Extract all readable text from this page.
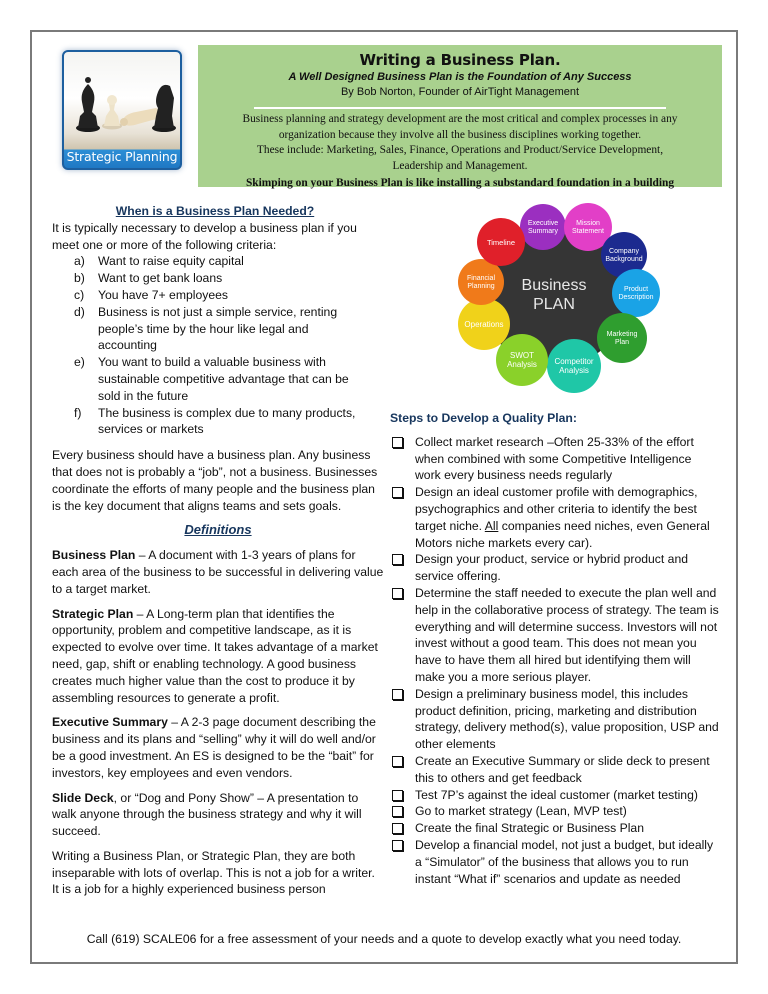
Strategic Planning
Writing a Business Plan.
A Well Designed Business Plan is the Foundation of Any Success
By Bob Norton, Founder of AirTight Management
Business planning and strategy development are the most critical and complex processes in any
organization because they involve all the business disciplines working together.
These include: Marketing, Sales, Finance, Operations and Product/Service Development,
Leadership and Management.
Skimping on your Business Plan is like installing a substandard foundation in a building
When is a Business Plan Needed?
It is typically necessary to develop a business plan if you meet one or more of the following criteria:
a)	Want to raise equity capital
b)	Want to get bank loans
c)	You have 7+ employees
d)	Business is not just a simple service, renting people’s time by the hour like legal and accounting
e)	You want to build a valuable business with sustainable competitive advantage that can be sold in the future
f)	The business is complex due to many products, services or markets
Every business should have a business plan. Any business that does not is probably a “job”, not a business. Businesses coordinate the efforts of many people and the business plan is the key document that aligns teams and sets goals.
Definitions
Business Plan – A document with 1-3 years of plans for each area of the business to be successful in delivering value to a target market.
Strategic Plan – A Long-term plan that identifies the opportunity, problem and competitive landscape, as it is expected to evolve over time. It takes advantage of a market need, gap, shift or enabling technology. A good business creates much higher value than the cost to produce it by assembling resources to generate a profit.
Executive Summary – A 2-3 page document describing the business and its plans and “selling” why it will do well and/or be a good investment. An ES is designed to be the “bait” for investors, key employees and even vendors.
Slide Deck, or “Dog and Pony Show” – A presentation to walk anyone through the business strategy and why it will succeed.
Writing a Business Plan, or Strategic Plan, they are both inseparable with lots of overlap. This is not a job for a writer. It is a job for a highly experienced business person
Executive
Summary
Mission
Statement
Company
Background
Product
Description
Marketing
Plan
Competitor
Analysis
SWOT
Analysis
Operations
Financial
Planning
Timeline
Business
PLAN
Steps to Develop a Quality Plan:
Collect market research –Often 25-33% of the effort when combined with some Competitive Intelligence work every business needs regularly
Design an ideal customer profile with demographics, psychographics and other criteria to identify the best target niche. All companies need niches, even General Motors niche markets every car).
Design your product, service or hybrid product and service offering.
Determine the staff needed to execute the plan well and help in the collaborative process of strategy. The team is everything and will determine success. Investors will not invest without a good team. This does not mean you have to have them all hired but identifying them will make you a more serious player.
Design a preliminary business model, this includes product definition, pricing, marketing and distribution strategy, delivery method(s), value proposition, USP and other elements
Create an Executive Summary or slide deck to present this to others and get feedback
Test 7P’s against the ideal customer (market testing)
Go to market strategy (Lean, MVP test)
Create the final Strategic or Business Plan
Develop a financial model, not just a budget, but ideally a “Simulator” of the business that allows you to run instant “What if” scenarios and update as needed
Call (619) SCALE06 for a free assessment of your needs and a quote to develop exactly what you need today.
